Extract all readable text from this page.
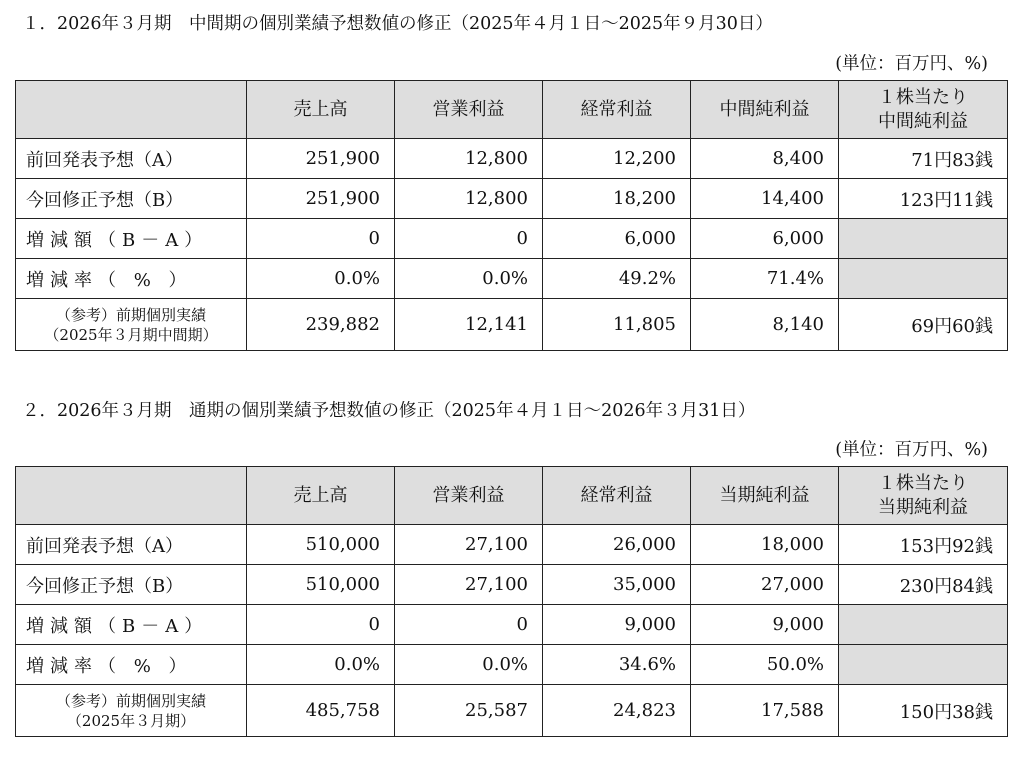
１．2026年３月期　中間期の個別業績予想数値の修正（2025年４月１日～2025年９月30日）
(単位：百万円、%)
	売上高	営業利益	経常利益	中間純利益	１株当たり
中間純利益

前回発表予想（A）	251,900	12,800	12,200	8,400	71円83銭
今回修正予想（B）	251,900	12,800	18,200	14,400	123円11銭
増減額（B－A）	0	0	6,000	6,000	
増減率（ % ）	0.0%	0.0%	49.2%	71.4%	

（参考）前期個別実績
（2025年３月期中間期）	239,882	12,141	11,805	8,140	69円60銭
２．2026年３月期　通期の個別業績予想数値の修正（2025年４月１日～2026年３月31日）
(単位：百万円、%)
	売上高	営業利益	経常利益	当期純利益	１株当たり
当期純利益

前回発表予想（A）	510,000	27,100	26,000	18,000	153円92銭
今回修正予想（B）	510,000	27,100	35,000	27,000	230円84銭
増減額（B－A）	0	0	9,000	9,000	
増減率（ % ）	0.0%	0.0%	34.6%	50.0%	

（参考）前期個別実績
（2025年３月期）	485,758	25,587	24,823	17,588	150円38銭
